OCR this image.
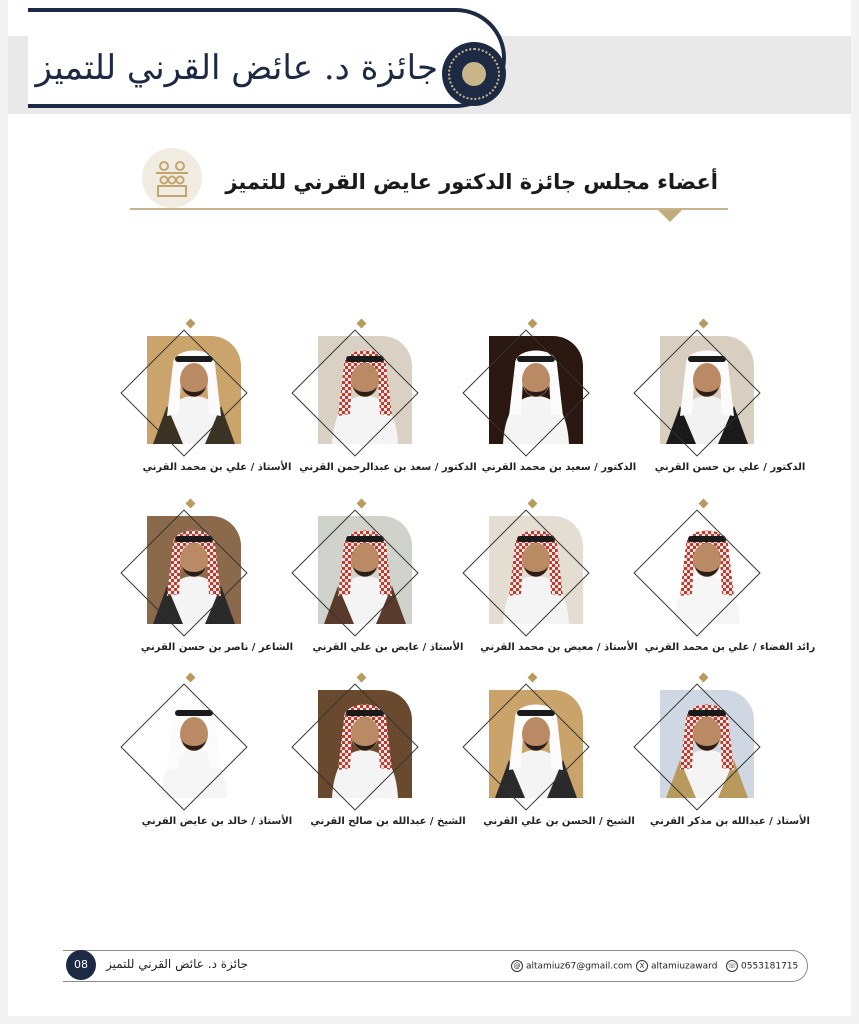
جائزة د. عائض القرني للتميز
أعضاء مجلس جائزة الدكتور عايض القرني للتميز
الدكتور / علي بن حسن القرني
الدكتور / سعيد بن محمد القرني
الدكتور / سعد بن عبدالرحمن القرني
الأستاذ / علي بن محمد القرني
رائد الفضاء / علي بن محمد القرني
الأستاذ / معيض بن محمد القرني
الأستاذ / عايض بن علي القرني
الشاعر / ناصر بن حسن القرني
الأستاذ / عبدالله بن مذكر القرني
الشيخ / الحسن بن علي القرني
الشيخ / عبدالله بن صالح القرني
الأستاذ / خالد بن عايض القرني
08	جائزة د. عائض القرني للتميز	@ altamiuz67@gmail.com	X altamiuzaward ☏ 0553181715
